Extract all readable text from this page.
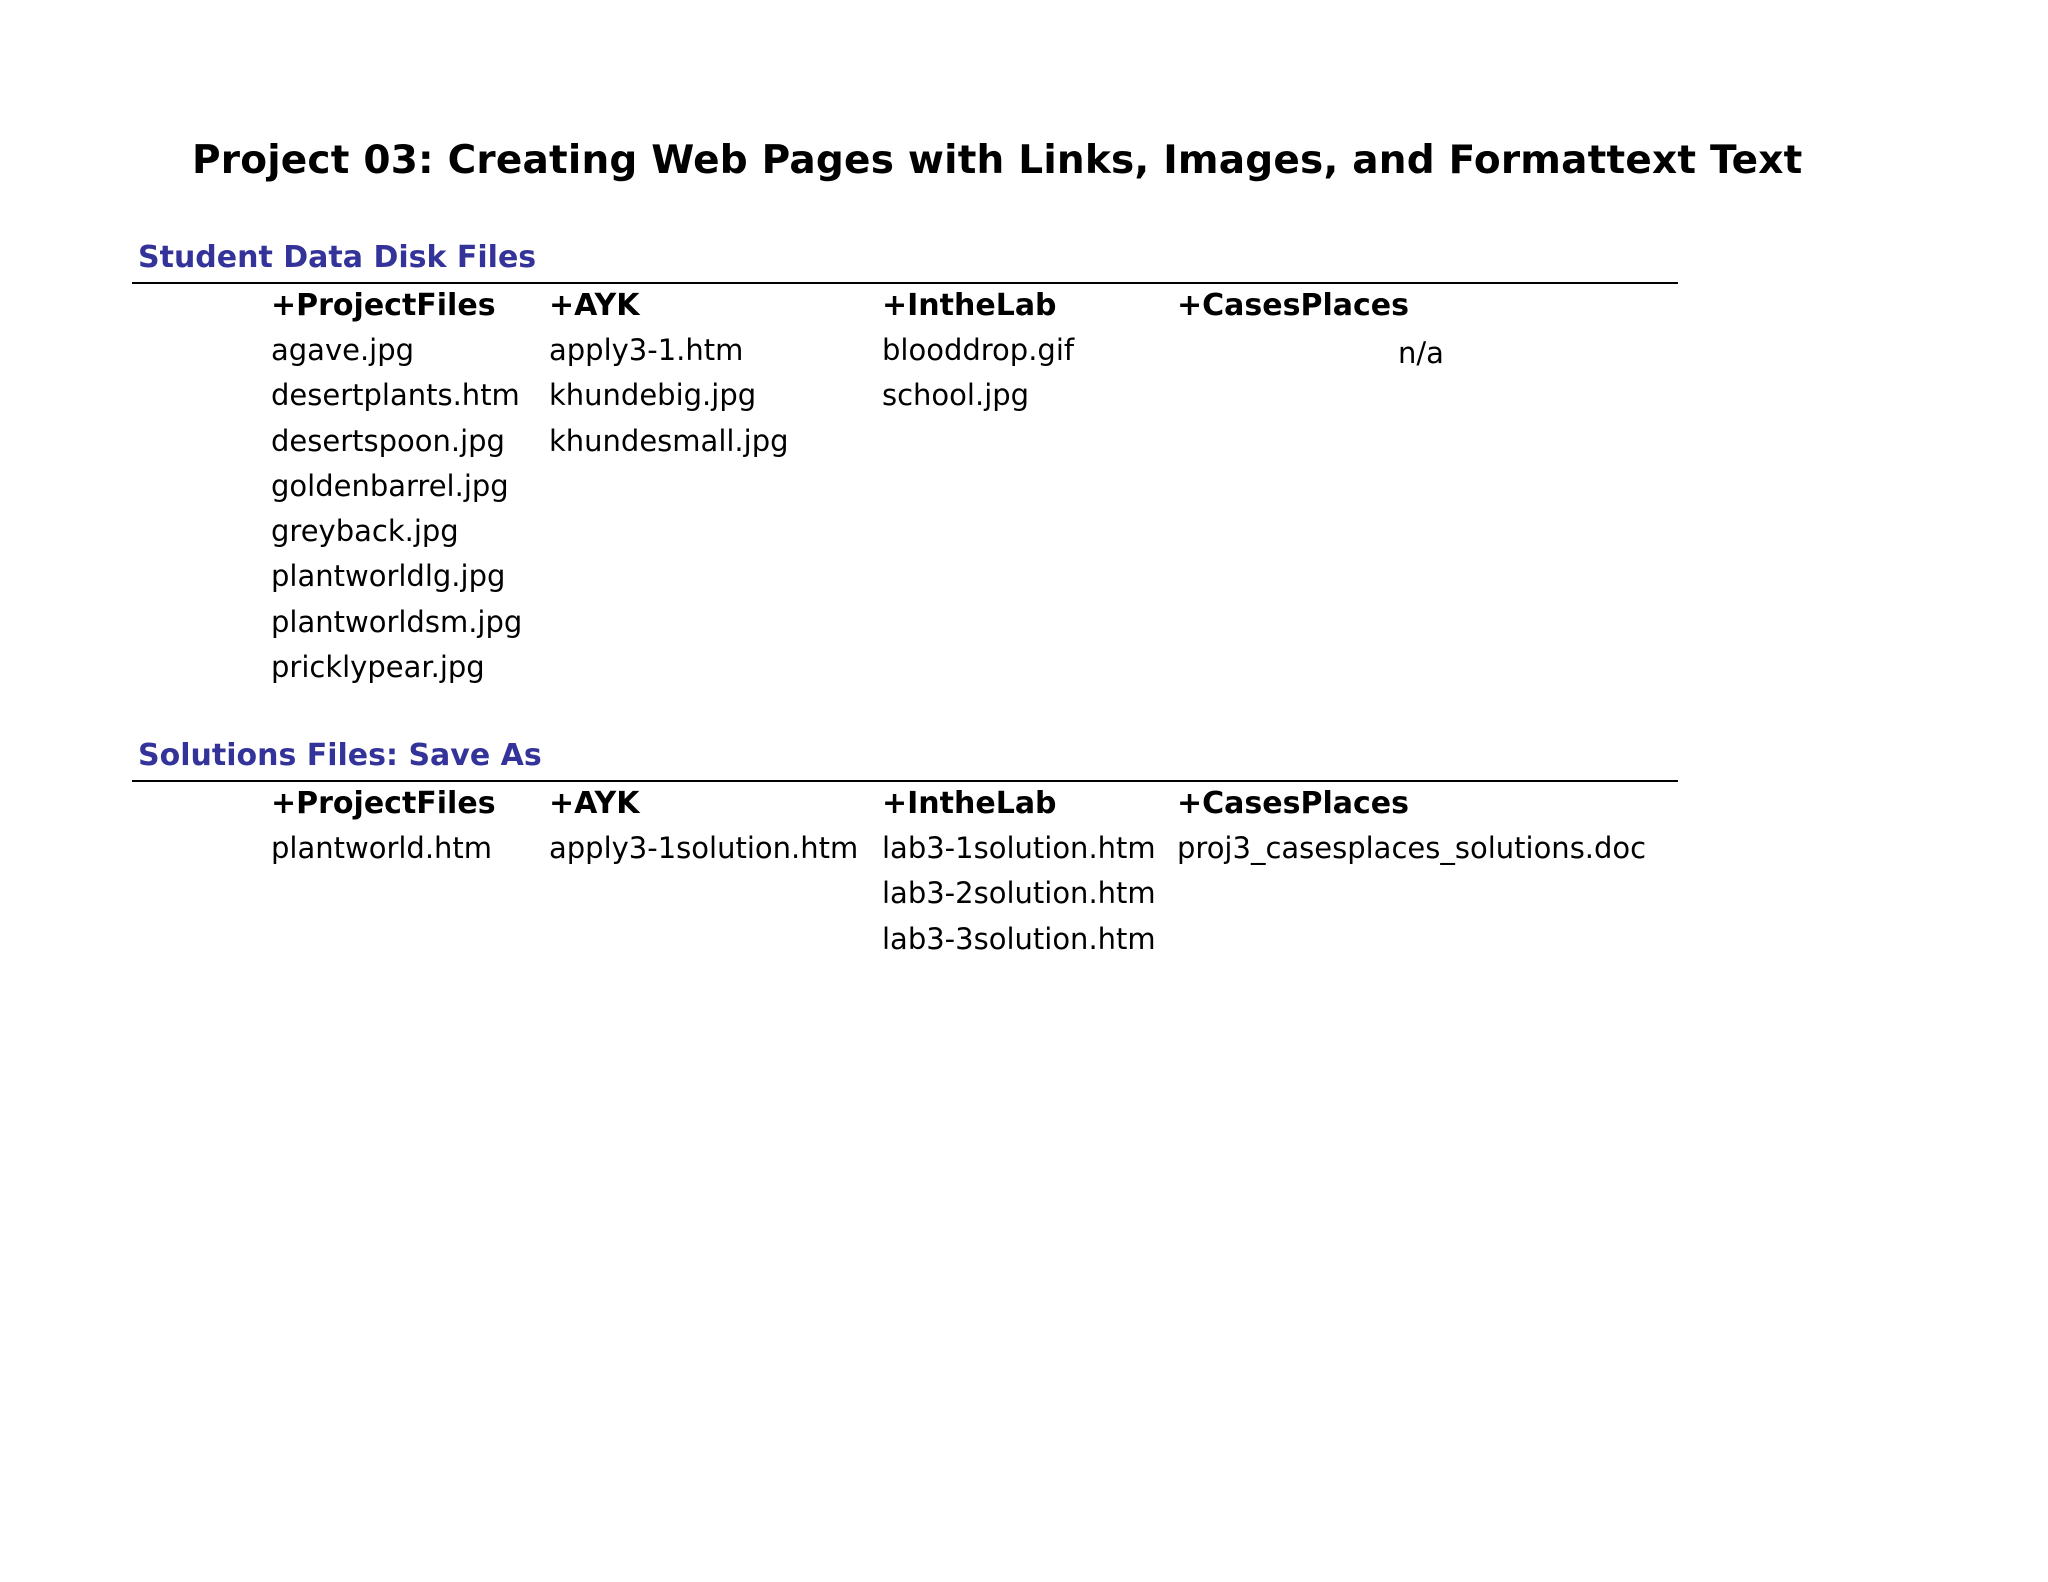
Project 03: Creating Web Pages with Links, Images, and Formattext Text
Student Data Disk Files
+ProjectFiles
agave.jpg
desertplants.htm
desertspoon.jpg
goldenbarrel.jpg
greyback.jpg
plantworldlg.jpg
plantworldsm.jpg
pricklypear.jpg
+AYK
apply3-1.htm
khundebig.jpg
khundesmall.jpg
+IntheLab
blooddrop.gif
school.jpg
+CasesPlaces
n/a
Solutions Files: Save As
+ProjectFiles
plantworld.htm
+AYK
apply3-1solution.htm
+IntheLab
lab3-1solution.htm
lab3-2solution.htm
lab3-3solution.htm
+CasesPlaces
proj3_casesplaces_solutions.doc
